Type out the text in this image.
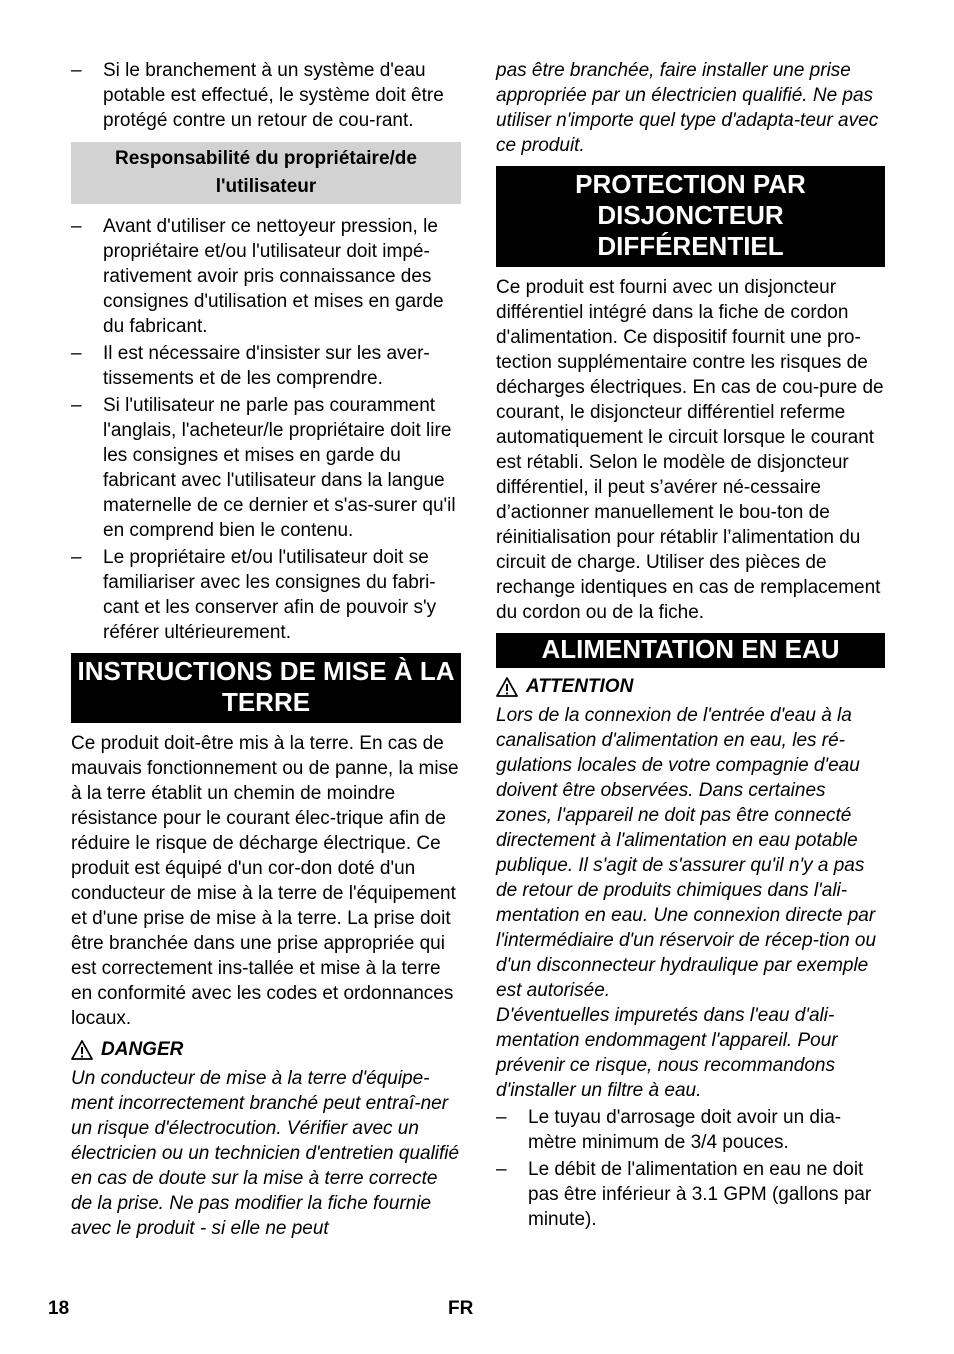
– Si le branchement à un système d'eau potable est effectué, le système doit être protégé contre un retour de cou-rant.
Responsabilité du propriétaire/de l'utilisateur
– Avant d'utiliser ce nettoyeur pression, le propriétaire et/ou l'utilisateur doit impé-rativement avoir pris connaissance des consignes d'utilisation et mises en garde du fabricant.
– Il est nécessaire d'insister sur les aver-tissements et de les comprendre.
– Si l'utilisateur ne parle pas couramment l'anglais, l'acheteur/le propriétaire doit lire les consignes et mises en garde du fabricant avec l'utilisateur dans la langue maternelle de ce dernier et s'as-surer qu'il en comprend bien le contenu.
– Le propriétaire et/ou l'utilisateur doit se familiariser avec les consignes du fabri-cant et les conserver afin de pouvoir s'y référer ultérieurement.
INSTRUCTIONS DE MISE À LA TERRE

Ce produit doit-être mis à la terre. En cas de mauvais fonctionnement ou de panne, la mise à la terre établit un chemin de moindre résistance pour le courant élec-trique afin de réduire le risque de décharge électrique. Ce produit est équipé d'un cor-don doté d'un conducteur de mise à la terre de l'équipement et d'une prise de mise à la terre. La prise doit être branchée dans une prise appropriée qui est correctement ins-tallée et mise à la terre en conformité avec les codes et ordonnances locaux.

DANGER

Un conducteur de mise à la terre d'équipe-ment incorrectement branché peut entraî-ner un risque d'électrocution. Vérifier avec un électricien ou un technicien d'entretien qualifié en cas de doute sur la mise à terre correcte de la prise. Ne pas modifier la fiche fournie avec le produit - si elle ne peut

pas être branchée, faire installer une prise appropriée par un électricien qualifié. Ne pas utiliser n'importe quel type d'adapta-teur avec ce produit.

PROTECTION PAR DISJONCTEUR DIFFÉRENTIEL

Ce produit est fourni avec un disjoncteur différentiel intégré dans la fiche de cordon d'alimentation. Ce dispositif fournit une pro-tection supplémentaire contre les risques de décharges électriques. En cas de cou-pure de courant, le disjoncteur différentiel referme automatiquement le circuit lorsque le courant est rétabli. Selon le modèle de disjoncteur différentiel, il peut s’avérer né-cessaire d’actionner manuellement le bou-ton de réinitialisation pour rétablir l’alimentation du circuit de charge. Utiliser des pièces de rechange identiques en cas de remplacement du cordon ou de la fiche.

ALIMENTATION EN EAU
ATTENTION

Lors de la connexion de l'entrée d'eau à la canalisation d'alimentation en eau, les ré-gulations locales de votre compagnie d'eau doivent être observées. Dans certaines zones, l'appareil ne doit pas être connecté directement à l'alimentation en eau potable publique. Il s'agit de s'assurer qu'il n'y a pas de retour de produits chimiques dans l'ali-mentation en eau. Une connexion directe par l'intermédiaire d'un réservoir de récep-tion ou d'un disconnecteur hydraulique par exemple est autorisée.

D'éventuelles impuretés dans l'eau d'ali-mentation endommagent l'appareil. Pour prévenir ce risque, nous recommandons d'installer un filtre à eau.

– Le tuyau d'arrosage doit avoir un dia-mètre minimum de 3/4 pouces.
– Le débit de l'alimentation en eau ne doit pas être inférieur à 3.1 GPM (gallons par minute).
18	FR
